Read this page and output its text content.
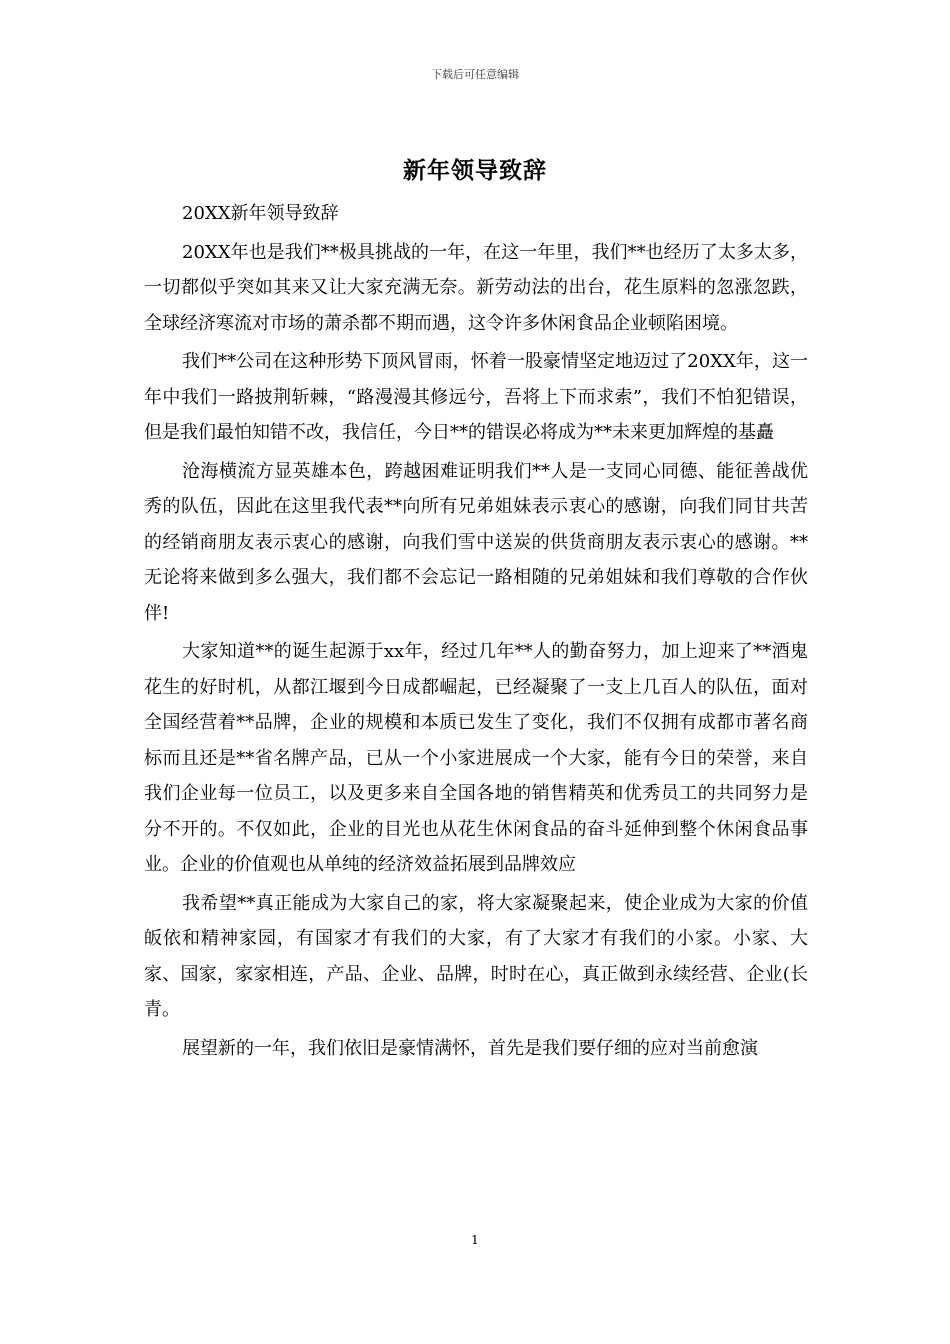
下载后可任意编辑
新年领导致辞

20XX新年领导致辞

20XX年也是我们**极具挑战的一年，在这一年里，我们**也经历了太多太多，一切都似乎突如其来又让大家充满无奈。新劳动法的出台，花生原料的忽涨忽跌，全球经济寒流对市场的萧杀都不期而遇，这令许多休闲食品企业顿陷困境。

我们**公司在这种形势下顶风冒雨，怀着一股豪情坚定地迈过了20XX年，这一年中我们一路披荆斩棘，“路漫漫其修远兮，吾将上下而求索”，我们不怕犯错误，但是我们最怕知错不改，我信任，今日**的错误必将成为**未来更加辉煌的基矗

沧海横流方显英雄本色，跨越困难证明我们**人是一支同心同德、能征善战优秀的队伍，因此在这里我代表**向所有兄弟姐妹表示衷心的感谢，向我们同甘共苦的经销商朋友表示衷心的感谢，向我们雪中送炭的供货商朋友表示衷心的感谢。**无论将来做到多么强大，我们都不会忘记一路相随的兄弟姐妹和我们尊敬的合作伙伴!

大家知道**的诞生起源于xx年，经过几年**人的勤奋努力，加上迎来了**酒鬼花生的好时机，从都江堰到今日成都崛起，已经凝聚了一支上几百人的队伍，面对全国经营着**品牌，企业的规模和本质已发生了变化，我们不仅拥有成都市著名商标而且还是**省名牌产品，已从一个小家进展成一个大家，能有今日的荣誉，来自我们企业每一位员工，以及更多来自全国各地的销售精英和优秀员工的共同努力是分不开的。不仅如此，企业的目光也从花生休闲食品的奋斗延伸到整个休闲食品事业。企业的价值观也从单纯的经济效益拓展到品牌效应

我希望**真正能成为大家自己的家，将大家凝聚起来，使企业成为大家的价值皈依和精神家园，有国家才有我们的大家，有了大家才有我们的小家。小家、大家、国家，家家相连，产品、企业、品牌，时时在心，真正做到永续经营、企业(长青。

展望新的一年，我们依旧是豪情满怀，首先是我们要仔细的应对当前愈演

1
